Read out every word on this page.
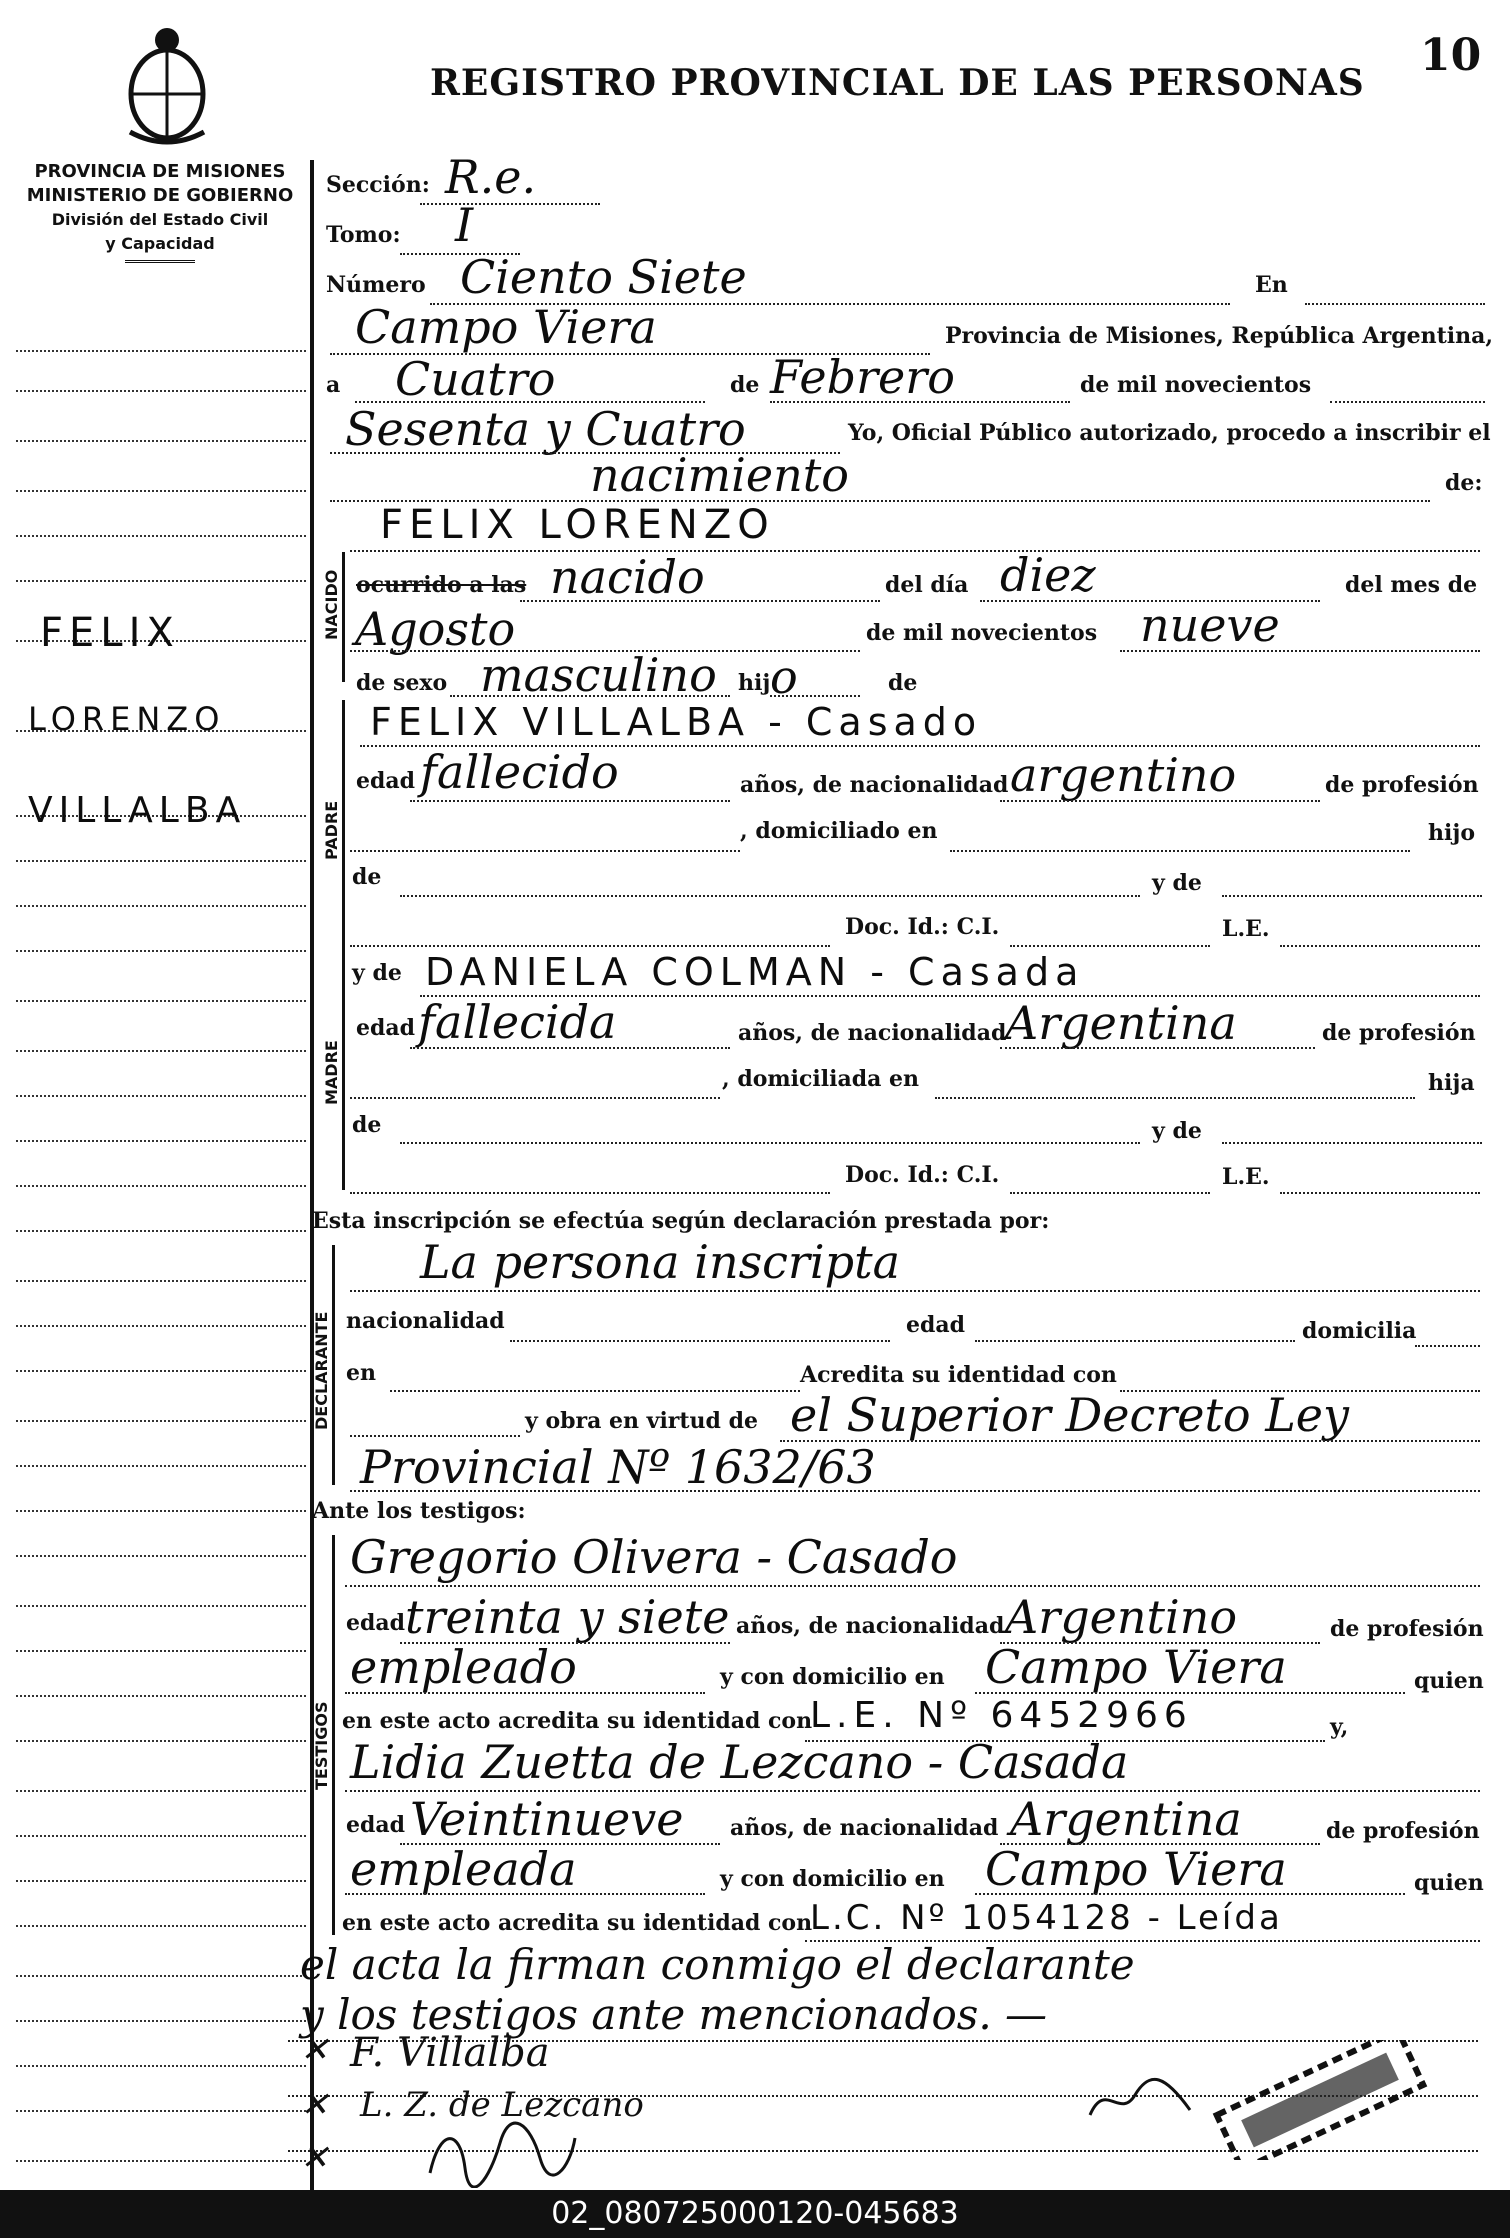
REGISTRO PROVINCIAL DE LAS PERSONAS
10
PROVINCIA DE MISIONES
MINISTERIO DE GOBIERNO
División del Estado Civil
y Capacidad
FELIX
LORENZO
VILLALBA
Sección: R.e.
Tomo: I
Número Ciento Siete	En
Campo Viera	Provincia de Misiones, República Argentina,
a Cuatro	de Febrero	de mil novecientos
Sesenta y Cuatro	Yo, Oficial Público autorizado, procedo a inscribir el
nacimiento	de:
FELIX LORENZO
NACIDO ocurrido a las nacido	del día diez	del mes de
Agosto	de mil novecientos nueve
de sexo masculino hij o	de
PADRE
FELIX VILLALBA - Casado
edad fallecido	años, de nacionalidad argentino	de profesión
, domiciliado en	hijo
de	y de
Doc. Id.: C.I.	L.E.
MADRE
y de DANIELA COLMAN - Casada
edad fallecida	años, de nacionalidad
Argentina	de profesión
, domiciliada en	hija
de	y de
Doc. Id.: C.I.	L.E.
Esta inscripción se efectúa según declaración prestada por:
DECLARANTE
La persona inscripta
nacionalidad	edad	domicilia
en	Acredita su identidad con
y obra en virtud de el Superior Decreto Ley
Provincial Nº 1632/63
Ante los testigos:
TESTIGOS
Gregorio Olivera - Casado
edad treinta y siete años, de nacionalidad Argentino	de profesión
empleado	y con domicilio en Campo Viera	quien
en este acto acredita su identidad con
L.E. Nº 6452966	y,
Lidia Zuetta de Lezcano - Casada
edad Veintinueve años, de nacionalidad Argentina	de profesión
empleada	y con domicilio en Campo Viera	quien
en este acto acredita su identidad con
L.C. Nº 1054128 - Leída
el acta la firman conmigo el declarante
y los testigos ante mencionados. —
✕
✕
✕
F. Villalba
L. Z. de Lezcano
02_080725000120-045683
